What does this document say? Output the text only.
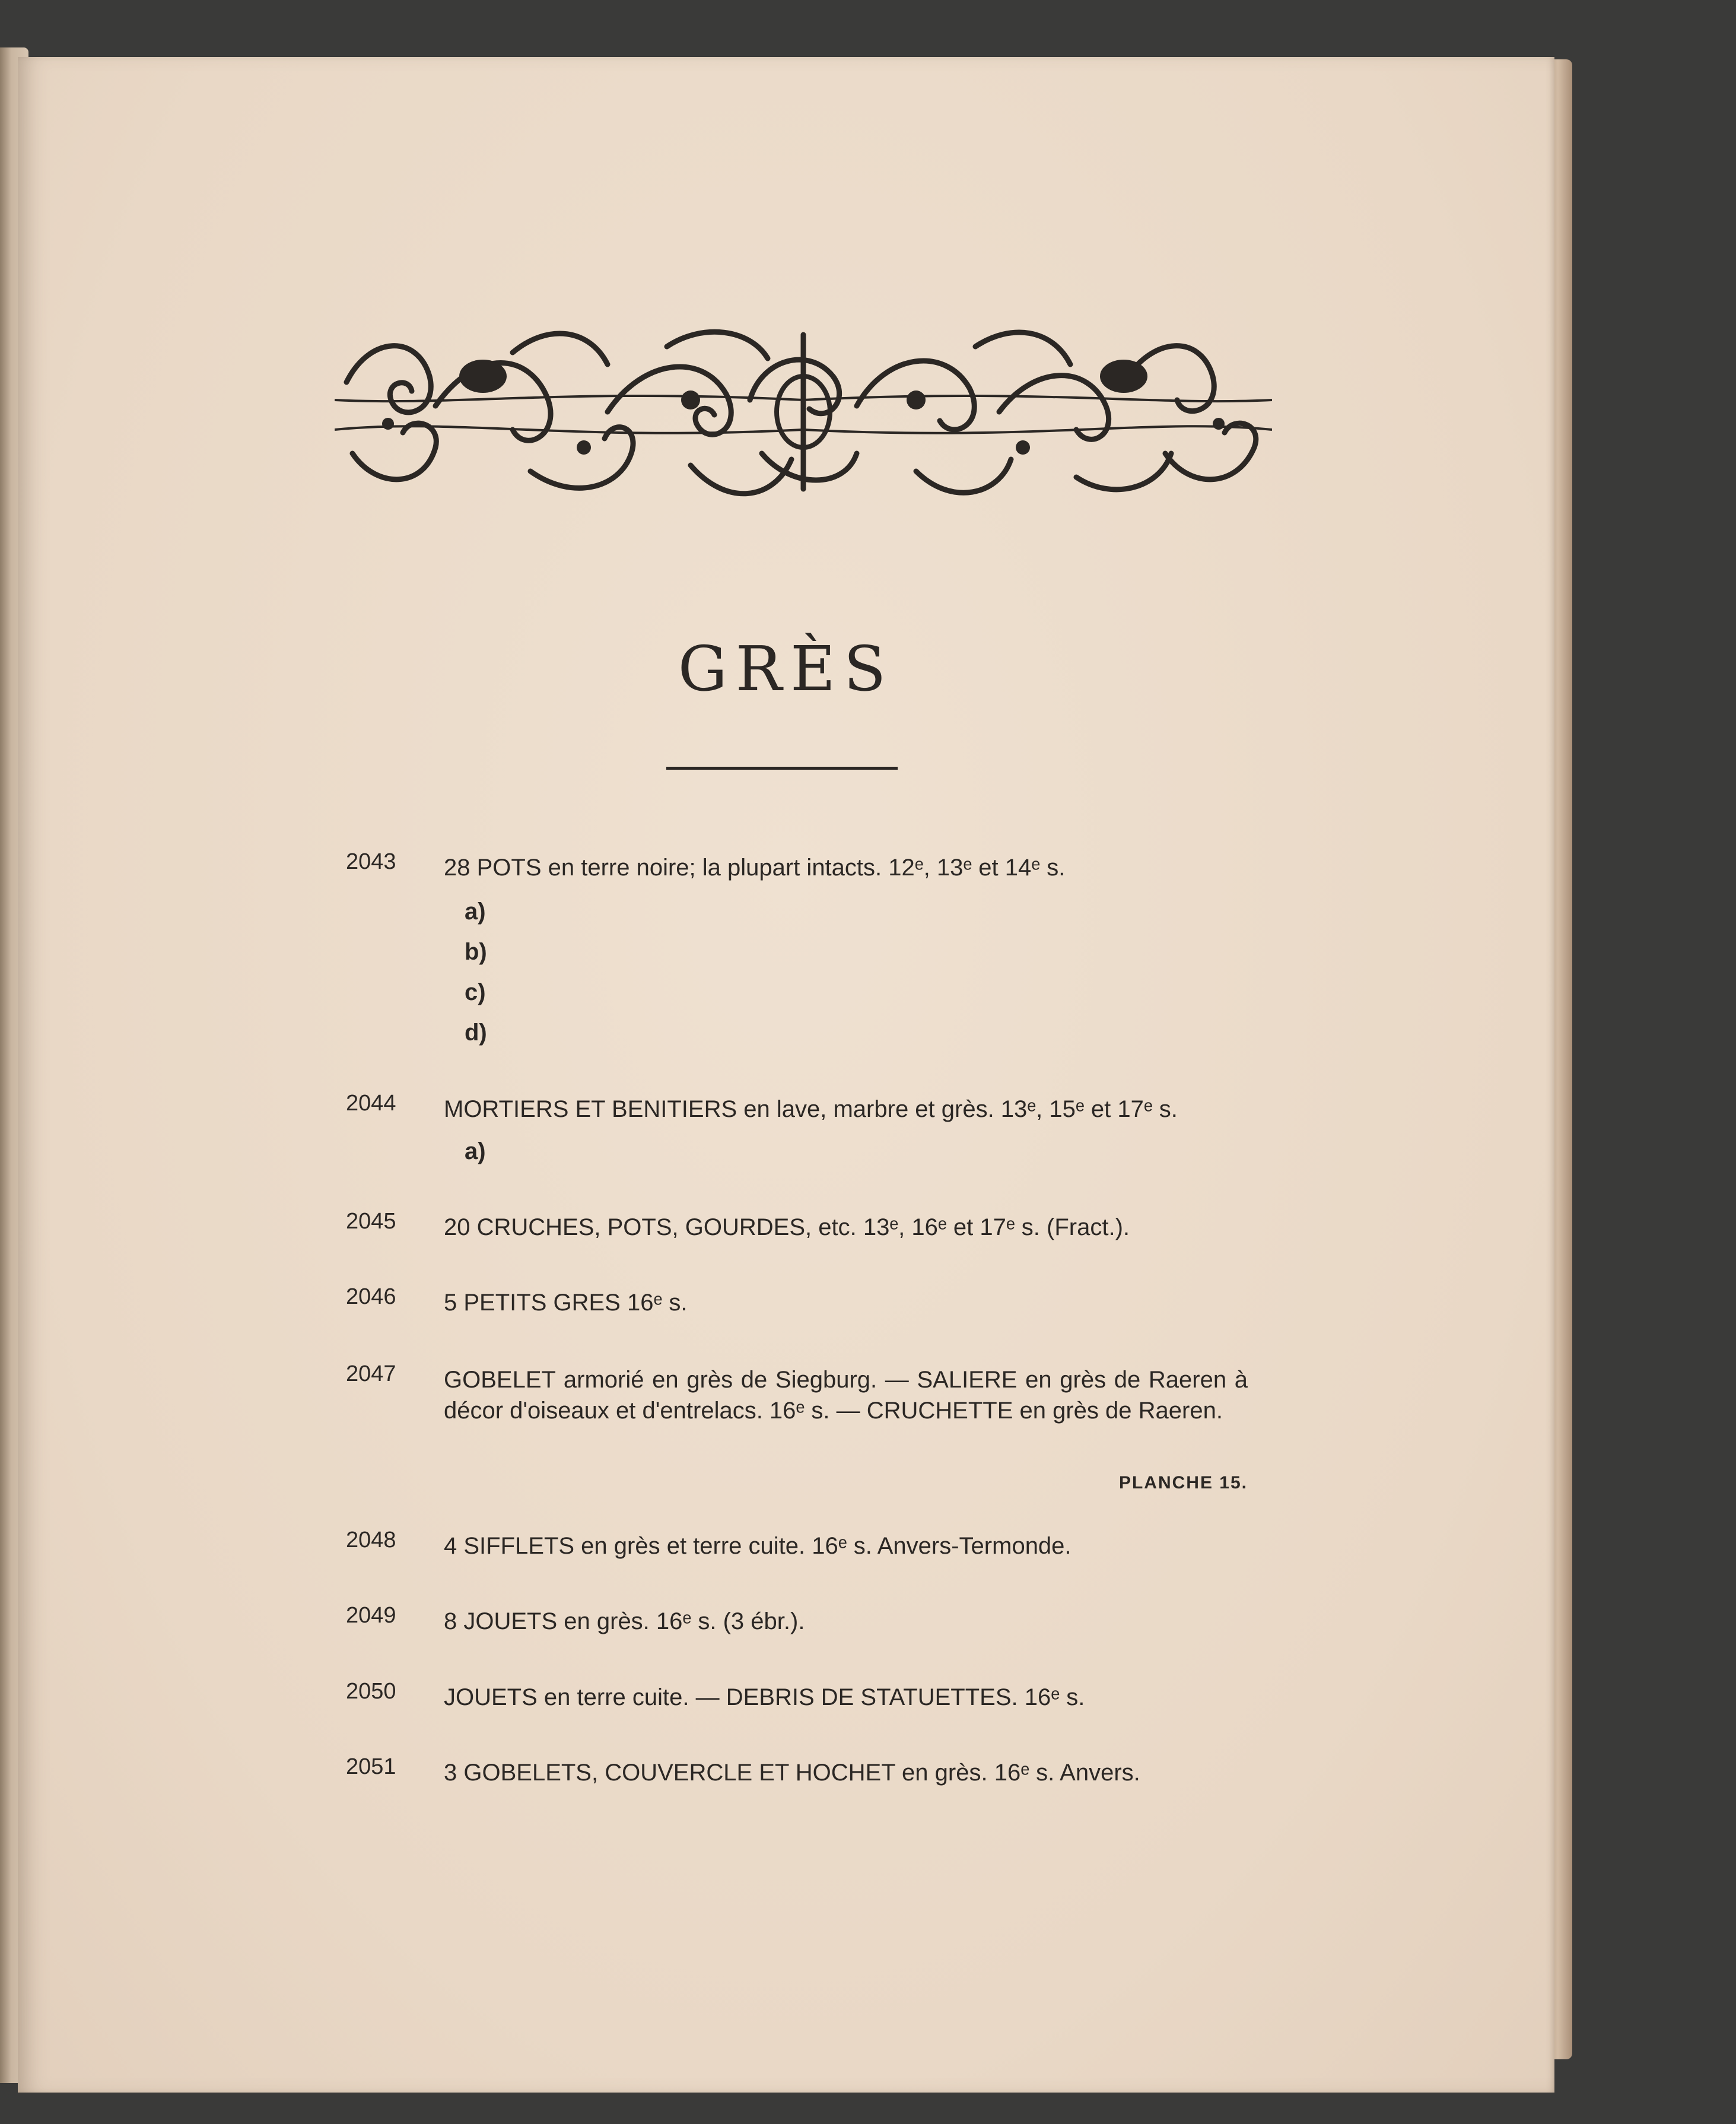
GRÈS
2043 28 POTS en terre noire; la plupart intacts. 12ᵉ, 13ᵉ et 14ᵉ s.
a)
b)
c)
d)
2044 MORTIERS ET BENITIERS en lave, marbre et grès. 13ᵉ, 15ᵉ et 17ᵉ s.
a)
2045 20 CRUCHES, POTS, GOURDES, etc. 13ᵉ, 16ᵉ et 17ᵉ s. (Fract.).
2046 5 PETITS GRES 16ᵉ s.
2047 GOBELET armorié en grès de Siegburg. — SALIERE en grès de Raeren à décor d'oiseaux et d'entrelacs. 16ᵉ s. — CRUCHETTE en grès de Raeren.
PLANCHE 15.
2048 4 SIFFLETS en grès et terre cuite. 16ᵉ s. Anvers-Termonde.
2049 8 JOUETS en grès. 16ᵉ s. (3 ébr.).
2050 JOUETS en terre cuite. — DEBRIS DE STATUETTES. 16ᵉ s.
2051 3 GOBELETS, COUVERCLE ET HOCHET en grès. 16ᵉ s. Anvers.
